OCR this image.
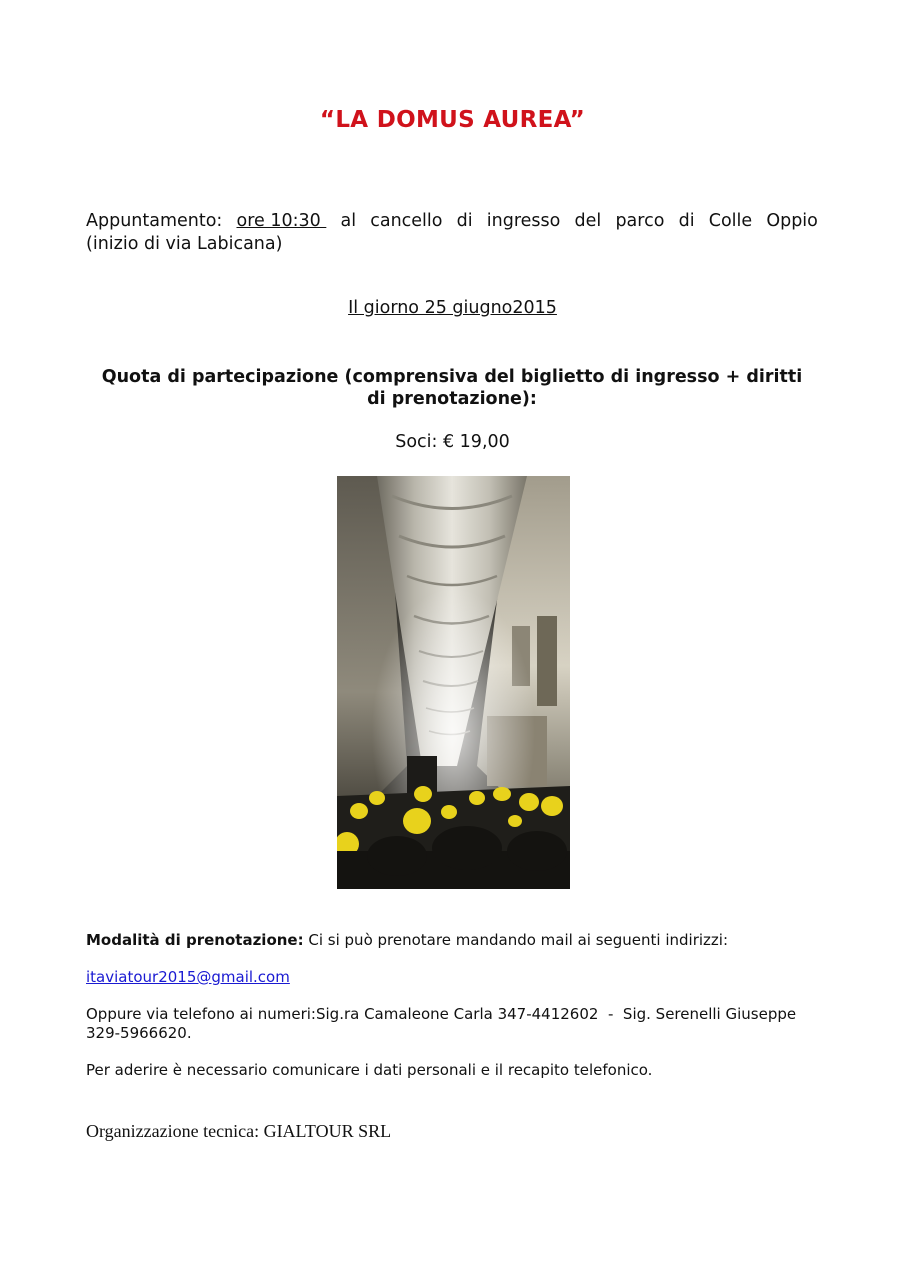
“LA DOMUS AUREA”
Appuntamento: ore 10:30 al cancello di ingresso del parco di Colle Oppio
(inizio di via Labicana)
Il giorno 25 giugno2015
Quota di partecipazione (comprensiva del biglietto di ingresso + diritti
di prenotazione):
Soci: € 19,00
Modalità di prenotazione: Ci si può prenotare mandando mail ai seguenti indirizzi:
itaviatour2015@gmail.com
Oppure via telefono ai numeri:Sig.ra Camaleone Carla 347-4412602  -  Sig. Serenelli Giuseppe
329-5966620.
Per aderire è necessario comunicare i dati personali e il recapito telefonico.
Organizzazione tecnica: GIALTOUR SRL
